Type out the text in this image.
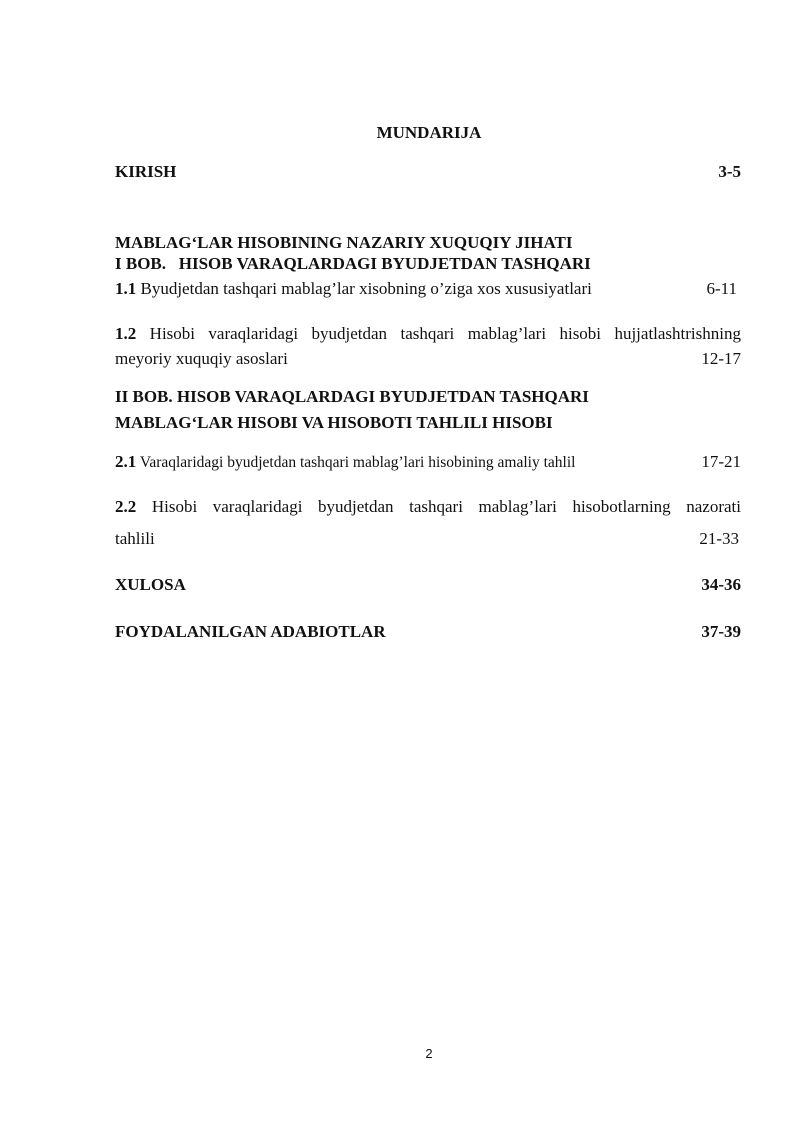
MUNDARIJA
KIRISH	3-5

I BOB.   HISOB VARAQLARDAGI BYUDJETDAN TASHQARI

MABLAG‘LAR HISOBINING NAZARIY XUQUQIY JIHATI
1.1 Byudjetdan tashqari mablag’lar xisobning o’ziga xos xususiyatlari	6-11
1.2 Hisobi varaqlaridagi byudjetdan tashqari mablag’lari hisobi hujjatlashtrishning
meyoriy xuquqiy asoslari	12-17
II BOB. HISOB VARAQLARDAGI BYUDJETDAN TASHQARI
MABLAG‘LAR HISOBI VA HISOBOTI TAHLILI HISOBI
2.1 Varaqlaridagi byudjetdan tashqari mablag’lari hisobining amaliy tahlil	17-21
2.2 Hisobi varaqlaridagi byudjetdan tashqari mablag’lari hisobotlarning nazorati
tahlili	21-33
XULOSA	34-36
FOYDALANILGAN ADABIOTLAR	37-39
2
